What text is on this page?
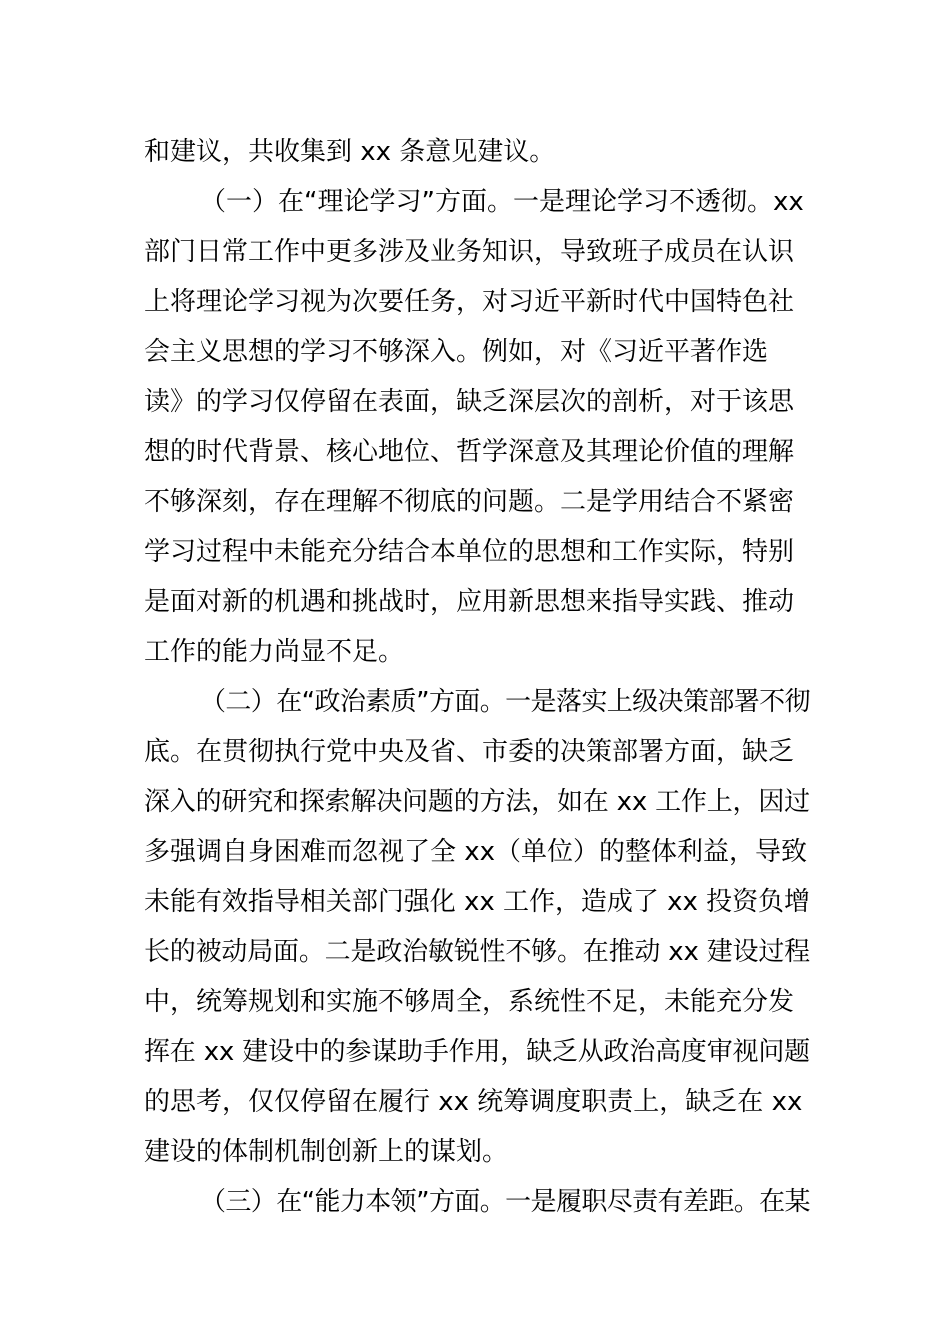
和建议，共收集到 xx 条意见建议。
（一）在“理论学习”方面。一是理论学习不透彻。xx
部门日常工作中更多涉及业务知识，导致班子成员在认识
上将理论学习视为次要任务，对习近平新时代中国特色社
会主义思想的学习不够深入。例如，对《习近平著作选
读》的学习仅停留在表面，缺乏深层次的剖析，对于该思
想的时代背景、核心地位、哲学深意及其理论价值的理解
不够深刻，存在理解不彻底的问题。二是学用结合不紧密
学习过程中未能充分结合本单位的思想和工作实际，特别
是面对新的机遇和挑战时，应用新思想来指导实践、推动
工作的能力尚显不足。
（二）在“政治素质”方面。一是落实上级决策部署不彻
底。在贯彻执行党中央及省、市委的决策部署方面，缺乏
深入的研究和探索解决问题的方法，如在 xx 工作上，因过
多强调自身困难而忽视了全 xx（单位）的整体利益，导致
未能有效指导相关部门强化 xx 工作，造成了 xx 投资负增
长的被动局面。二是政治敏锐性不够。在推动 xx 建设过程
中，统筹规划和实施不够周全，系统性不足，未能充分发
挥在 xx 建设中的参谋助手作用，缺乏从政治高度审视问题
的思考，仅仅停留在履行 xx 统筹调度职责上，缺乏在 xx
建设的体制机制创新上的谋划。
（三）在“能力本领”方面。一是履职尽责有差距。在某
